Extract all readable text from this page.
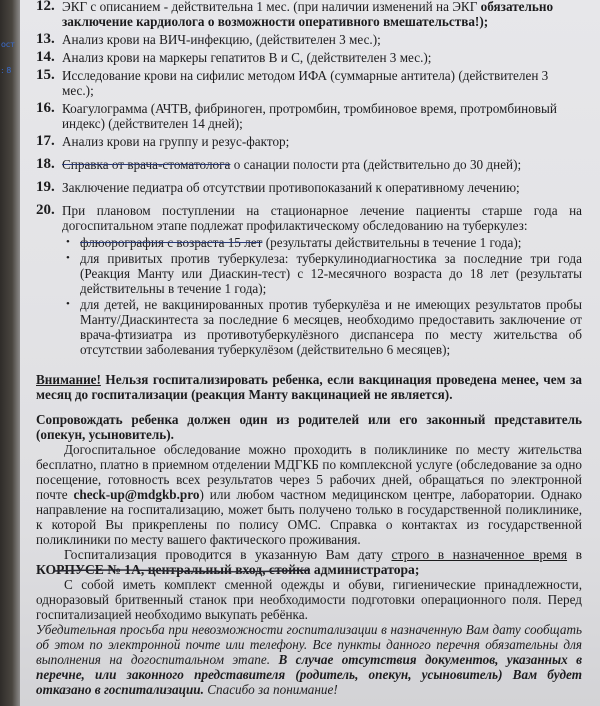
ост
: 8
12. ЭКГ с описанием - действительна 1 мес. (при наличии изменений на ЭКГ обязательно заключение кардиолога о возможности оперативного вмешательства!);
13. Анализ крови на ВИЧ-инфекцию, (действителен 3 мес.);
14. Анализ крови на маркеры гепатитов В и С, (действителен 3 мес.);
15. Исследование крови на сифилис методом ИФА (суммарные антитела) (действителен 3 мес.);
16. Коагулограмма (АЧТВ, фибриноген, протромбин, тромбиновое время, протромбиновый индекс) (действителен 14 дней);
17. Анализ крови на группу и резус-фактор;
18. Справка от врача-стоматолога о санации полости рта (действительно до 30 дней);
19. Заключение педиатра об отсутствии противопоказаний к оперативному лечению;
20. При плановом поступлении на стационарное лечение пациенты старше года на догоспитальном этапе подлежат профилактическому обследованию на туберкулез:
• флюорография с возраста 15 лет (результаты действительны в течение 1 года);
• для привитых против туберкулеза: туберкулинодиагностика за последние три года (Реакция Манту или Диаскин-тест) с 12-месячного возраста до 18 лет (результаты действительны в течение 1 года);
• для детей, не вакцинированных против туберкулёза и не имеющих результатов пробы Манту/Диаскинтеста за последние 6 месяцев, необходимо предоставить заключение от врача-фтизиатра из противотуберкулёзного диспансера по месту жительства об отсутствии заболевания туберкулёзом (действительно 6 месяцев);
Внимание! Нельзя госпитализировать ребенка, если вакцинация проведена менее, чем за месяц до госпитализации (реакция Манту вакцинацией не является).
Сопровождать ребенка должен один из родителей или его законный представитель (опекун, усыновитель).

Догоспитальное обследование можно проходить в поликлинике по месту жительства бесплатно, платно в приемном отделении МДГКБ по комплексной услуге (обследование за одно посещение, готовность всех результатов через 5 рабочих дней, обращаться по электронной почте check-up@mdgkb.pro) или любом частном медицинском центре, лаборатории. Однако направление на госпитализацию, может быть получено только в государственной поликлинике, к которой Вы прикреплены по полису ОМС. Справка о контактах из государственной поликлиники по месту вашего фактического проживания.

Госпитализация проводится в указанную Вам дату строго в назначенное время в КОРПУСЕ № 1А, центральный вход, стойка администратора;

С собой иметь комплект сменной одежды и обуви, гигиенические принадлежности, одноразовый бритвенный станок при необходимости подготовки операционного поля. Перед госпитализацией необходимо выкупать ребёнка.

Убедительная просьба при невозможности госпитализации в назначенную Вам дату сообщать об этом по электронной почте или телефону. Все пункты данного перечня обязательны для выполнения на догоспитальном этапе. В случае отсутствия документов, указанных в перечне, или законного представителя (родитель, опекун, усыновитель) Вам будет отказано в госпитализации. Спасибо за понимание!
